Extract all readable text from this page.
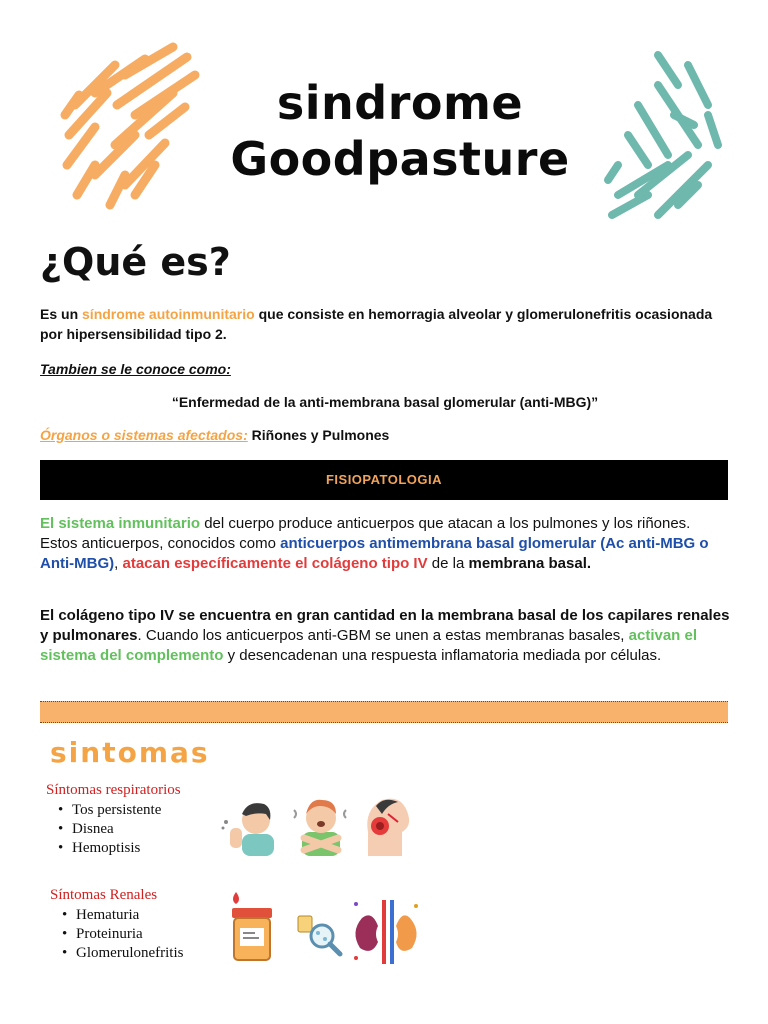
sindrome
Goodpasture
¿Qué es?
Es un síndrome autoinmunitario que consiste en hemorragia alveolar y glomerulonefritis ocasionada por hipersensibilidad tipo 2.
Tambien se le conoce como:
“Enfermedad de la anti-membrana basal glomerular (anti-MBG)”
Órganos o sistemas afectados: Riñones y Pulmones
FISIOPATOLOGIA
El sistema inmunitario del cuerpo produce anticuerpos que atacan a los pulmones y los riñones. Estos anticuerpos, conocidos como anticuerpos antimembrana basal glomerular (Ac anti-MBG o Anti-MBG), atacan específicamente el colágeno tipo IV de la membrana basal.
El colágeno tipo IV se encuentra en gran cantidad en la membrana basal de los capilares renales y pulmonares. Cuando los anticuerpos anti-GBM se unen a estas membranas basales, activan el sistema del complemento y desencadenan una respuesta inflamatoria mediada por células.
sintomas
Síntomas respiratorios
• Tos persistente
• Disnea
• Hemoptisis
Síntomas Renales
• Hematuria
• Proteinuria
• Glomerulonefritis
